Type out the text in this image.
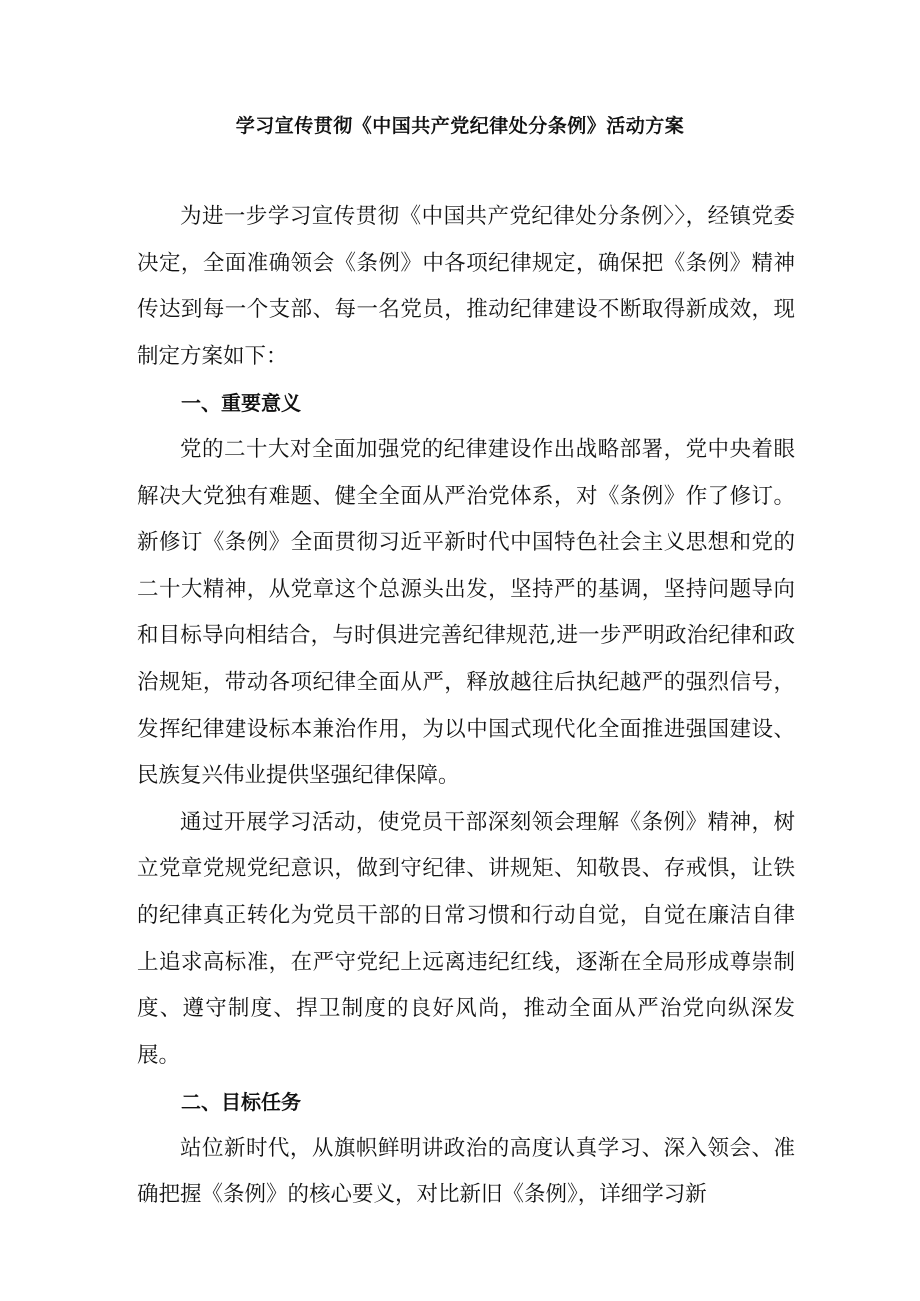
学习宣传贯彻《中国共产党纪律处分条例》活动方案

为进一步学习宣传贯彻《中国共产党纪律处分条例〉〉，经镇党委决定，全面准确领会《条例》中各项纪律规定，确保把《条例》精神传达到每一个支部、每一名党员，推动纪律建设不断取得新成效，现制定方案如下：

一、重要意义

党的二十大对全面加强党的纪律建设作出战略部署，党中央着眼解决大党独有难题、健全全面从严治党体系，对《条例》作了修订。新修订《条例》全面贯彻习近平新时代中国特色社会主义思想和党的二十大精神，从党章这个总源头出发，坚持严的基调，坚持问题导向和目标导向相结合，与时俱进完善纪律规范,进一步严明政治纪律和政治规矩，带动各项纪律全面从严，释放越往后执纪越严的强烈信号，发挥纪律建设标本兼治作用，为以中国式现代化全面推进强国建设、民族复兴伟业提供坚强纪律保障。

通过开展学习活动，使党员干部深刻领会理解《条例》精神，树立党章党规党纪意识，做到守纪律、讲规矩、知敬畏、存戒惧，让铁的纪律真正转化为党员干部的日常习惯和行动自觉，自觉在廉洁自律上追求高标准，在严守党纪上远离违纪红线，逐渐在全局形成尊崇制度、遵守制度、捍卫制度的良好风尚，推动全面从严治党向纵深发展。

二、目标任务

站位新时代，从旗帜鲜明讲政治的高度认真学习、深入领会、准确把握《条例》的核心要义，对比新旧《条例》，详细学习新
